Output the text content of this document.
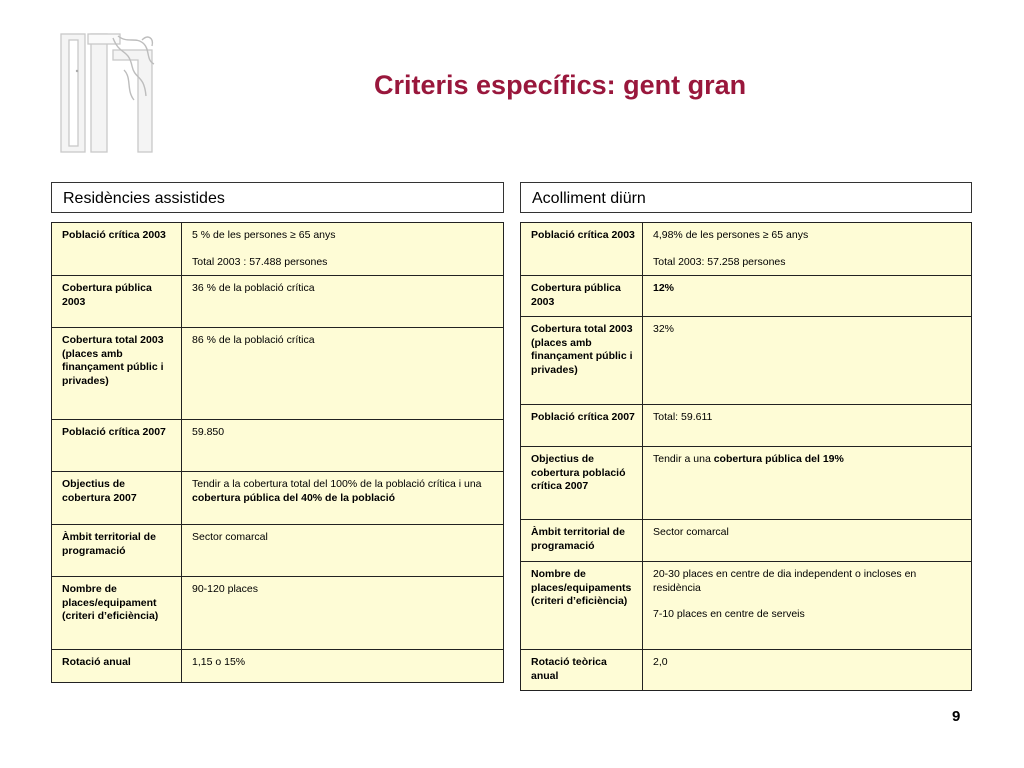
Criteris específics: gent gran
Residències assistides	Acolliment diürn
Població crítica 2003	5 % de les persones ≥ 65 anys
Total 2003 : 57.488 persones

Cobertura pública 2003	36 % de la població crítica

Cobertura total 2003 (places amb finançament públic i privades)	86 % de la població crítica

Població crítica 2007	59.850

Objectius de cobertura 2007	Tendir a la cobertura total del 100% de la població crítica i una cobertura pública del 40% de la població
Àmbit territorial de programació	Sector comarcal

Nombre de places/equipament (criteri d’eficiència)	90-120 places

Rotació anual	1,15 o 15%
Població crítica 2003	4,98% de les persones ≥ 65 anys
Total 2003: 57.258 persones

Cobertura pública 2003	12%
Cobertura total 2003 (places amb finançament públic i privades)	32%

Població crítica 2007	Total: 59.611

Objectius de cobertura població crítica 2007	Tendir a una cobertura pública del 19%
Àmbit territorial de programació	Sector comarcal

Nombre de places/equipaments (criteri d’eficiència)	20-30 places en centre de dia independent o incloses en residència
7-10 places en centre de serveis

Rotació teòrica anual	2,0
9
